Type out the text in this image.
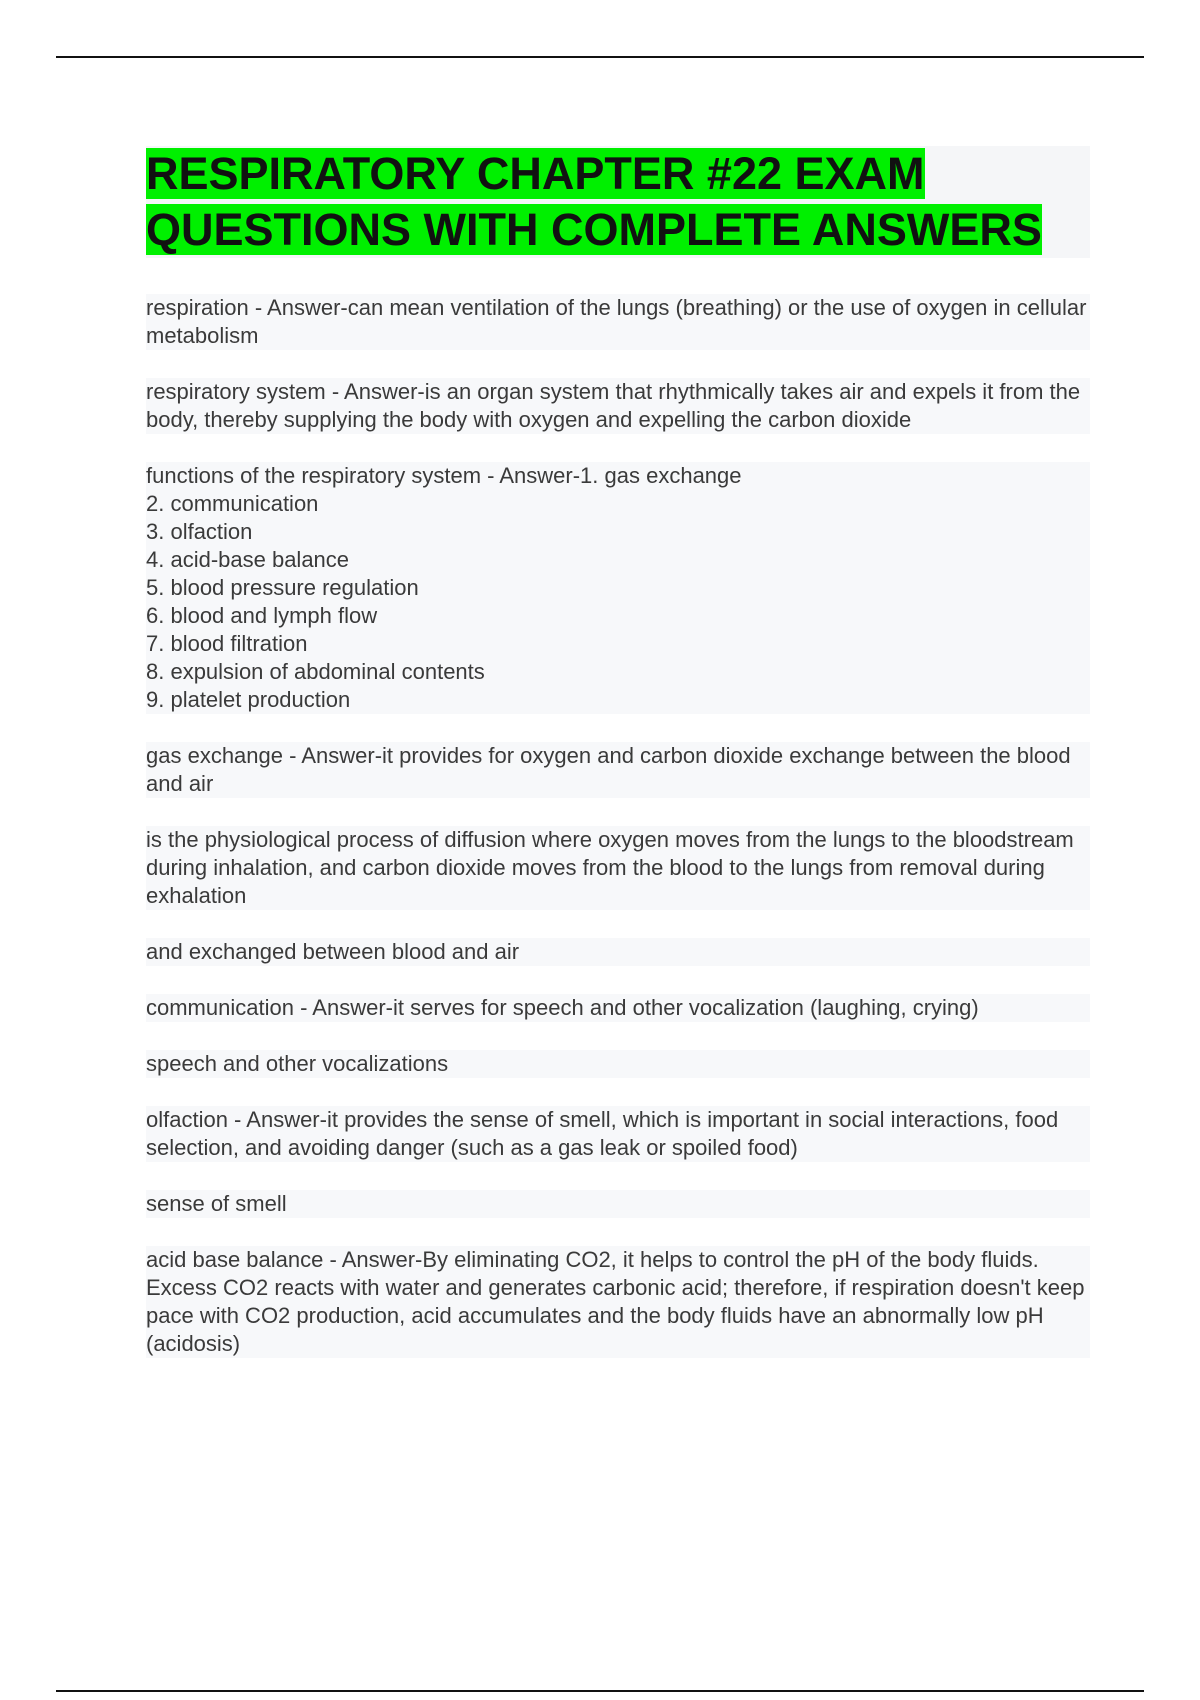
RESPIRATORY CHAPTER #22 EXAM QUESTIONS WITH COMPLETE ANSWERS
respiration - Answer-can mean ventilation of the lungs (breathing) or the use of oxygen in cellular metabolism
respiratory system - Answer-is an organ system that rhythmically takes air and expels it from the body, thereby supplying the body with oxygen and expelling the carbon dioxide
functions of the respiratory system - Answer-1. gas exchange
2. communication
3. olfaction
4. acid-base balance
5. blood pressure regulation
6. blood and lymph flow
7. blood filtration
8. expulsion of abdominal contents
9. platelet production
gas exchange - Answer-it provides for oxygen and carbon dioxide exchange between the blood and air
is the physiological process of diffusion where oxygen moves from the lungs to the bloodstream during inhalation, and carbon dioxide moves from the blood to the lungs from removal during exhalation
and exchanged between blood and air
communication - Answer-it serves for speech and other vocalization (laughing, crying)
speech and other vocalizations
olfaction - Answer-it provides the sense of smell, which is important in social interactions, food selection, and avoiding danger (such as a gas leak or spoiled food)
sense of smell
acid base balance - Answer-By eliminating CO2, it helps to control the pH of the body fluids. Excess CO2 reacts with water and generates carbonic acid; therefore, if respiration doesn't keep pace with CO2 production, acid accumulates and the body fluids have an abnormally low pH (acidosis)
